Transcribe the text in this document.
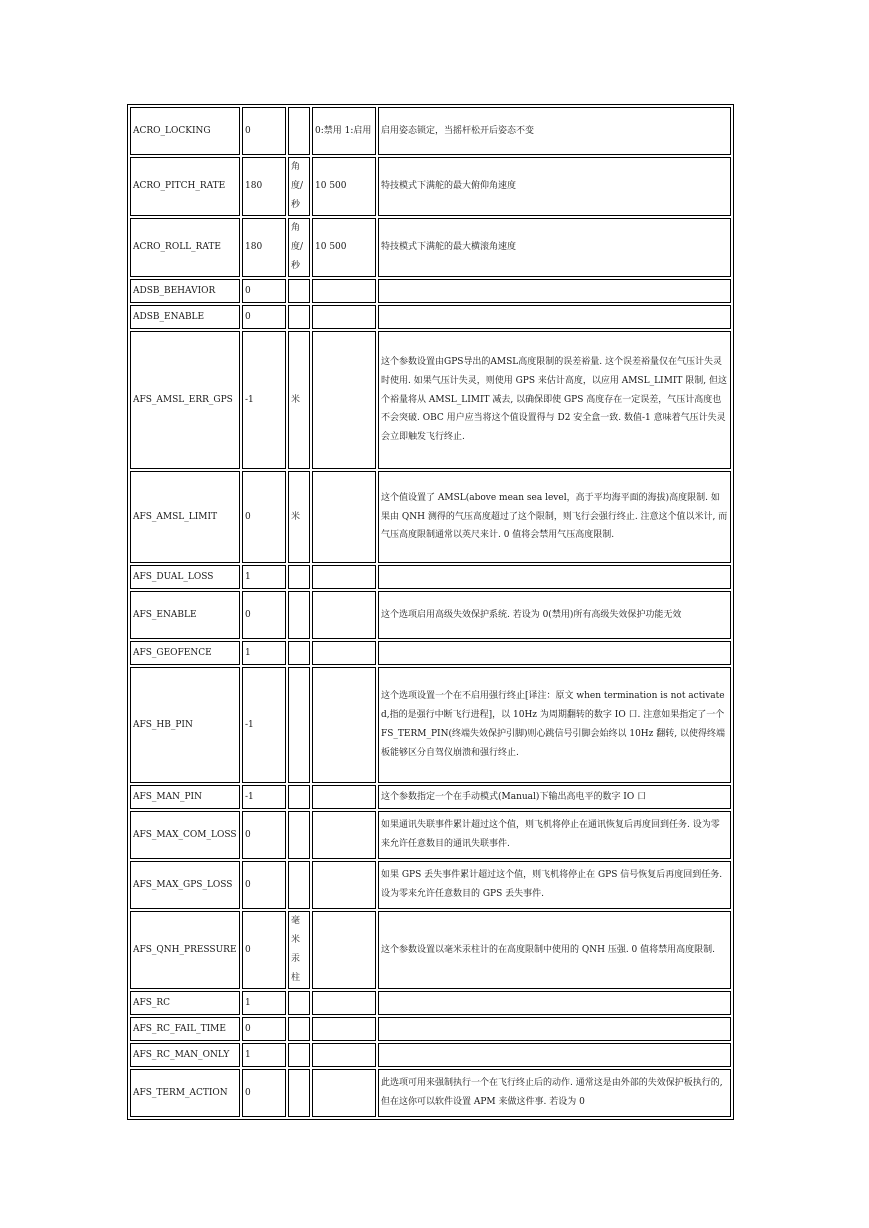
ACRO_LOCKING	0		0:禁用 1:启用	启用姿态锁定，当摇杆松开后姿态不变
ACRO_PITCH_RATE	180	角度/秒	10 500	特技模式下满舵的最大俯仰角速度
ACRO_ROLL_RATE	180	角度/秒	10 500	特技模式下满舵的最大横滚角速度
ADSB_BEHAVIOR	0			
ADSB_ENABLE	0			
AFS_AMSL_ERR_GPS	-1	米		这个参数设置由GPS导出的AMSL高度限制的误差裕量. 这个误差裕量仅在气压计失灵时使用. 如果气压计失灵，则使用 GPS 来估计高度，以应用 AMSL_LIMIT 限制, 但这个裕量将从 AMSL_LIMIT 减去, 以确保即使 GPS 高度存在一定误差，气压计高度也不会突破. OBC 用户应当将这个值设置得与 D2 安全盒一致. 数值-1 意味着气压计失灵会立即触发飞行终止.
AFS_AMSL_LIMIT	0	米		这个值设置了 AMSL(above mean sea level，高于平均海平面的海拔)高度限制. 如果由 QNH 测得的气压高度超过了这个限制，则飞行会强行终止. 注意这个值以米计, 而气压高度限制通常以英尺来计. 0 值将会禁用气压高度限制.
AFS_DUAL_LOSS	1			
AFS_ENABLE	0			这个选项启用高级失效保护系统. 若设为 0(禁用)所有高级失效保护功能无效
AFS_GEOFENCE	1			
AFS_HB_PIN	-1			这个选项设置一个在不启用强行终止[译注：原文 when termination is not activated,指的是强行中断飞行进程]，以 10Hz 为周期翻转的数字 IO 口. 注意如果指定了一个 FS_TERM_PIN(终端失效保护引脚)则心跳信号引脚会始终以 10Hz 翻转, 以使得终端板能够区分自驾仪崩溃和强行终止.
AFS_MAN_PIN	-1			这个参数指定一个在手动模式(Manual)下输出高电平的数字 IO 口
AFS_MAX_COM_LOSS	0			如果通讯失联事件累计超过这个值，则飞机将停止在通讯恢复后再度回到任务. 设为零来允许任意数目的通讯失联事件.
AFS_MAX_GPS_LOSS	0			如果 GPS 丢失事件累计超过这个值，则飞机将停止在 GPS 信号恢复后再度回到任务. 设为零来允许任意数目的 GPS 丢失事件.
AFS_QNH_PRESSURE	0	毫米汞柱		这个参数设置以毫米汞柱计的在高度限制中使用的 QNH 压强. 0 值将禁用高度限制.
AFS_RC	1			
AFS_RC_FAIL_TIME	0			
AFS_RC_MAN_ONLY	1			
AFS_TERM_ACTION	0			此选项可用来强制执行一个在飞行终止后的动作. 通常这是由外部的失效保护板执行的, 但在这你可以软件设置 APM 来做这件事. 若设为 0
